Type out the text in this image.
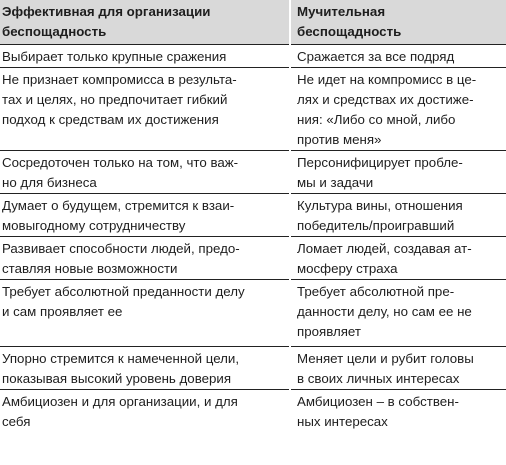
Эффективная для организации
беспощадность	Мучительная
беспощадность
Выбирает только крупные сражения	Сражается за все подряд
Не признает компромисса в результа-
тах и целях, но предпочитает гибкий
подход к средствам их достижения	Не идет на компромисс в це-
лях и средствах их достиже-
ния: «Либо со мной, либо
против меня»
Сосредоточен только на том, что важ-
но для бизнеса	Персонифицирует пробле-
мы и задачи
Думает о будущем, стремится к взаи-
мовыгодному сотрудничеству	Культура вины, отношения
победитель/проигравший
Развивает способности людей, предо-
ставляя новые возможности	Ломает людей, создавая ат-
мосферу страха
Требует абсолютной преданности делу
и сам проявляет ее	Требует абсолютной пре-
данности делу, но сам ее не
проявляет
Упорно стремится к намеченной цели,
показывая высокий уровень доверия	Меняет цели и рубит головы
в своих личных интересах
Амбициозен и для организации, и для
себя	Амбициозен – в собствен-
ных интересах
